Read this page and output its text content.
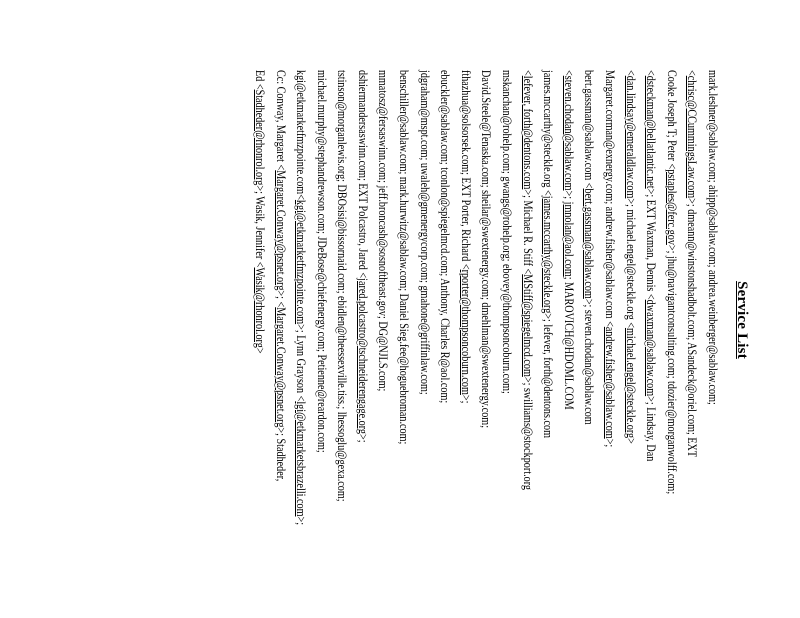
Service List
mark.leshner@sablaw.com; ahipp@sablaw.com; andrea.weinberger@sablaw.com;
<chrisc@CCummingsLaw.com>; dmeann@winstonshadbolt.com; ASandeck@oriel.com; EXT
Cooke Joseph T; Peter <pstaples@ferc.gov>; jhu@navigantconsulting.com; tdozier@morganwolff.com;
<dsteckman@bellatlantic.net>; EXT Waxman, Dennis <dwaxman@sablaw.com>; Lindsay, Dan
<dan.lindsay@emeraldlaw.com>; michael.engel@steckle.org <michael.engel@steckle.org>
Margaret.corman@exnergy.com; andrew.fisher@sablaw.com <andrew.fisher@sablaw.com>;
bert.gassman@sablaw.com <bert.gassman@sablaw.com>; steven.chodan@sablaw.com
<steven.chodan@sablaw.com>; jmnolan@aol.com; MAROVICH@HDOML.COM
james.mccarthy@steckle.org <james.mccarthy@steckle.org>; lefever, forth@dentons.com
<lefever, forth@dentons.com>; Michael R. Stiff <MStiff@spiegelmcd.com>; swilliams@stockport.org
mskanchan@rohelp.com; gwangs@rohelp.org; ebovey@thompsoncoburn.com;
David.Steele@Tenaska.com; sheilar@swextenergy.com; dmehlman@swextenergy.com;
fthazhua@solsorsek.com; EXT Porter, Richard <rporter@thompsoncoburn.com>;
ebuckler@sablaw.com; tconlon@spiegelmcd.com; Anthony, Charles R@aol.com;
jdgraham@mspt.com; uwaleh@gmenergycorp.com; gmahone@griffinlaw.com;
benschiller@sablaw.com; mark.hurwitz@sablaw.com; Daniel Sieg.fee@hoguebroman.com;
mmatosz@fersaswinn.com; jeff.broncash@sosnoftheast.gov; DG@NJLS.com;
dshiermandersaswinn.com; EXT Polcastro, Jared <jared.polcastro@tschneiderengage.org>;
tstinson@morganlewis.org; DBOsisi@bissornaid.com; ebidlen@theessexville.tiss.; lhessoglu@gexa.com;
michael.murphy@stephandrewson.com; JDeBose@chiefenergy.com; Petienne@reardon.com;
kgi@etkmarketfmzpointe.com<kgi@etkmarketfmzpointe.com>; Lynn Grayson <lgi@etkmarketsbrazelli.com>;
Cc: Conway, Margaret <Margaret.Conway@psnet.org>; <Margaret.Conway@psnet.org>; Stadheder,
Ed <Stadheder@rhonrol.org>; Wasik, Jennifer <Wasik@rhonrol.org>
